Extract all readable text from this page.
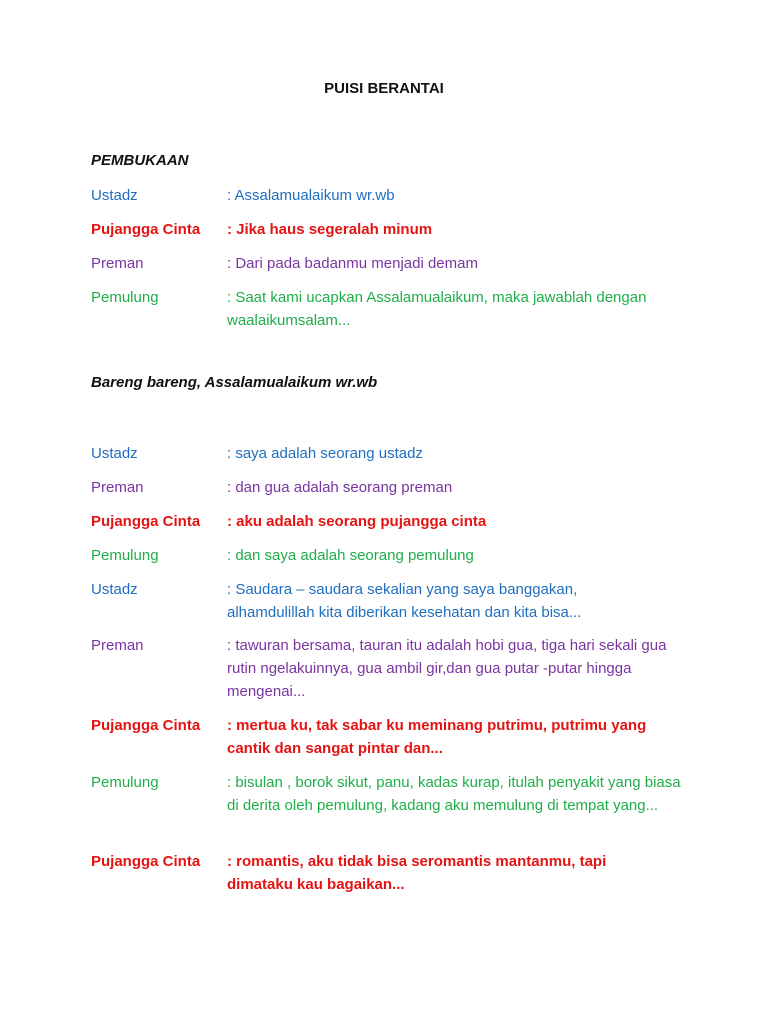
PUISI BERANTAI
PEMBUKAAN
Ustadz	: Assalamualaikum wr.wb
Pujangga Cinta	: Jika haus segeralah minum
Preman	: Dari pada badanmu menjadi demam
Pemulung	: Saat kami ucapkan Assalamualaikum, maka jawablah dengan waalaikumsalam...
Bareng bareng, Assalamualaikum wr.wb
Ustadz	: saya adalah seorang ustadz
Preman	: dan gua adalah seorang preman
Pujangga Cinta	: aku adalah seorang pujangga cinta
Pemulung	: dan saya adalah seorang pemulung
Ustadz	: Saudara – saudara sekalian yang saya banggakan, alhamdulillah kita diberikan kesehatan dan kita bisa...
Preman	: tawuran bersama, tauran itu adalah hobi gua, tiga hari sekali gua rutin ngelakuinnya, gua ambil gir,dan gua putar -putar hingga mengenai...
Pujangga Cinta	: mertua ku, tak sabar ku meminang putrimu, putrimu yang cantik dan sangat pintar dan...
Pemulung	: bisulan , borok sikut, panu, kadas kurap, itulah penyakit yang biasa di derita oleh pemulung, kadang aku memulung di tempat yang...
Pujangga Cinta	: romantis, aku tidak bisa seromantis mantanmu, tapi dimataku kau bagaikan...
